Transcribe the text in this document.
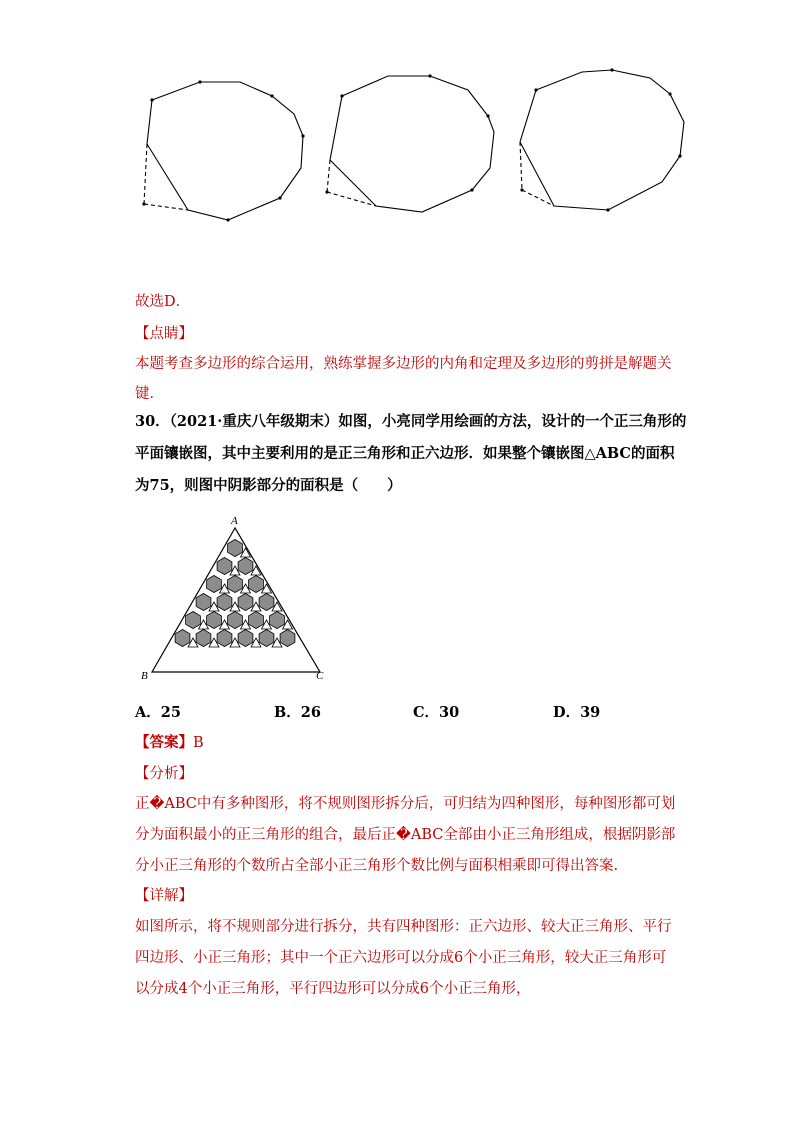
故选D．
【点睛】
本题考查多边形的综合运用，熟练掌握多边形的内角和定理及多边形的剪拼是解题关
键．
30．（2021·重庆八年级期末）如图，小亮同学用绘画的方法，设计的一个正三角形的
平面镶嵌图，其中主要利用的是正三角形和正六边形．如果整个镶嵌图△ABC的面积
为75，则图中阴影部分的面积是（　　）
A
B	C
A．25	B．26	C．30	D．39
【答案】B
【分析】
正�ABC中有多种图形，将不规则图形拆分后，可归结为四种图形，每种图形都可划
分为面积最小的正三角形的组合，最后正�ABC全部由小正三角形组成，根据阴影部
分小正三角形的个数所占全部小正三角形个数比例与面积相乘即可得出答案.
【详解】
如图所示，将不规则部分进行拆分，共有四种图形：正六边形、较大正三角形、平行
四边形、小正三角形；其中一个正六边形可以分成6个小正三角形，较大正三角形可
以分成4个小正三角形，平行四边形可以分成6个小正三角形，
